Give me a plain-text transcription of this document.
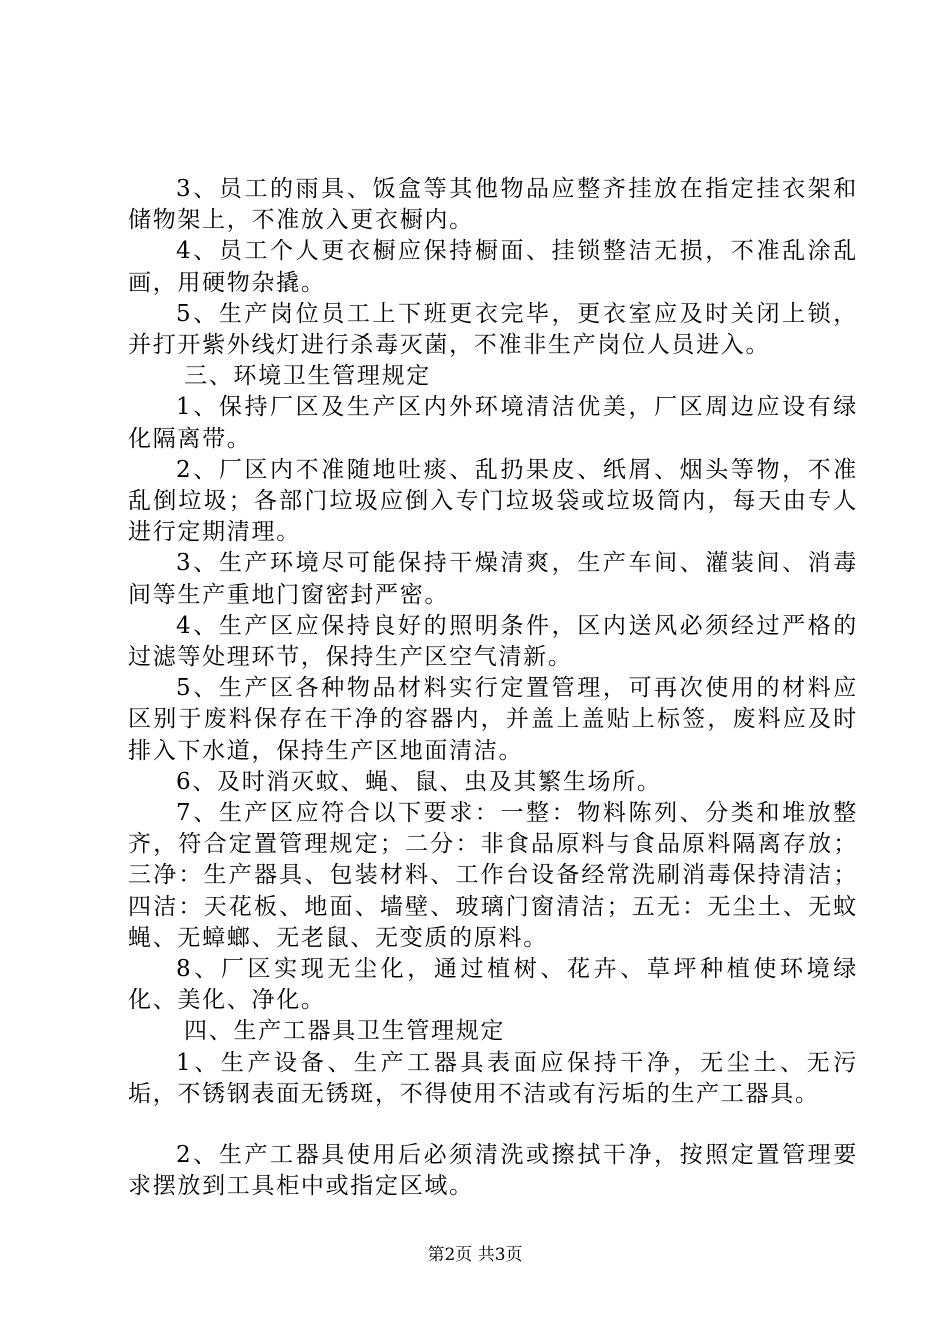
3、员工的雨具、饭盒等其他物品应整齐挂放在指定挂衣架和储物架上，不准放入更衣橱内。

4、员工个人更衣橱应保持橱面、挂锁整洁无损，不准乱涂乱画，用硬物杂撬。

5、生产岗位员工上下班更衣完毕，更衣室应及时关闭上锁，并打开紫外线灯进行杀毒灭菌，不准非生产岗位人员进入。

三、环境卫生管理规定

1、保持厂区及生产区内外环境清洁优美，厂区周边应设有绿化隔离带。

2、厂区内不准随地吐痰、乱扔果皮、纸屑、烟头等物，不准乱倒垃圾；各部门垃圾应倒入专门垃圾袋或垃圾筒内，每天由专人进行定期清理。

3、生产环境尽可能保持干燥清爽，生产车间、灌装间、消毒间等生产重地门窗密封严密。

4、生产区应保持良好的照明条件，区内送风必须经过严格的过滤等处理环节，保持生产区空气清新。

5、生产区各种物品材料实行定置管理，可再次使用的材料应区别于废料保存在干净的容器内，并盖上盖贴上标签，废料应及时排入下水道，保持生产区地面清洁。

6、及时消灭蚊、蝇、鼠、虫及其繁生场所。

7、生产区应符合以下要求：一整：物料陈列、分类和堆放整齐，符合定置管理规定；二分：非食品原料与食品原料隔离存放；三净：生产器具、包装材料、工作台设备经常洗刷消毒保持清洁；四洁：天花板、地面、墙壁、玻璃门窗清洁；五无：无尘土、无蚊蝇、无蟑螂、无老鼠、无变质的原料。

8、厂区实现无尘化，通过植树、花卉、草坪种植使环境绿化、美化、净化。

四、生产工器具卫生管理规定

1、生产设备、生产工器具表面应保持干净，无尘土、无污垢，不锈钢表面无锈斑，不得使用不洁或有污垢的生产工器具。

2、生产工器具使用后必须清洗或擦拭干净，按照定置管理要求摆放到工具柜中或指定区域。

第2页 共3页
